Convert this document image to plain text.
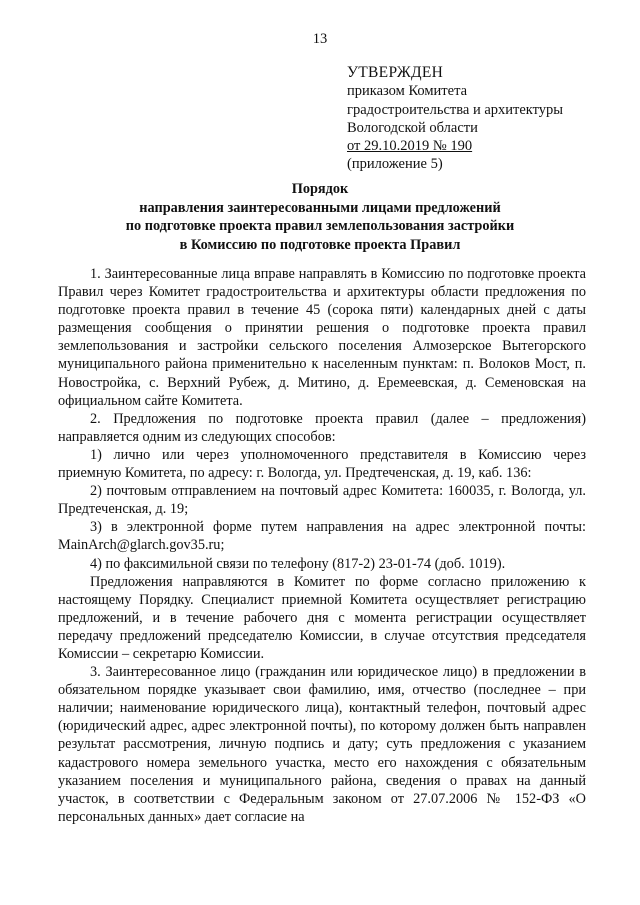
13
УТВЕРЖДЕН
приказом Комитета
градостроительства и архитектуры
Вологодской области
от 29.10.2019 № 190
(приложение 5)
Порядок
направления заинтересованными лицами предложений
по подготовке проекта правил землепользования застройки
в Комиссию по подготовке проекта Правил

1. Заинтересованные лица вправе направлять в Комиссию по подготовке проекта Правил через Комитет градостроительства и архитектуры области предложения по подготовке проекта правил в течение 45 (сорока пяти) календарных дней с даты размещения сообщения о принятии решения о подготовке проекта правил землепользования и застройки сельского поселения Алмозерское Вытегорского муниципального района применительно к населенным пунктам: п. Волоков Мост, п. Новостройка, с. Верхний Рубеж, д. Митино, д. Еремеевская, д. Семеновская на официальном сайте Комитета.

2. Предложения по подготовке проекта правил (далее – предложения) направляется одним из следующих способов:

1) лично или через уполномоченного представителя в Комиссию через приемную Комитета, по адресу: г. Вологда, ул. Предтеченская, д. 19, каб. 136:

2) почтовым отправлением на почтовый адрес Комитета: 160035, г. Вологда, ул. Предтеченская, д. 19;

3) в электронной форме путем направления на адрес электронной почты: MainArch@glarch.gov35.ru;

4) по факсимильной связи по телефону (817-2) 23-01-74 (доб. 1019).

Предложения направляются в Комитет по форме согласно приложению к настоящему Порядку. Специалист приемной Комитета осуществляет регистрацию предложений, и в течение рабочего дня с момента регистрации осуществляет передачу предложений председателю Комиссии, в случае отсутствия председателя Комиссии – секретарю Комиссии.

3. Заинтересованное лицо (гражданин или юридическое лицо) в предложении в обязательном порядке указывает свои фамилию, имя, отчество (последнее – при наличии; наименование юридического лица), контактный телефон, почтовый адрес (юридический адрес, адрес электронной почты), по которому должен быть направлен результат рассмотрения, личную подпись и дату; суть предложения с указанием кадастрового номера земельного участка, место его нахождения с обязательным указанием поселения и муниципального района, сведения о правах на данный участок, в соответствии с Федеральным законом от 27.07.2006 № 152-ФЗ «О персональных данных» дает согласие на
